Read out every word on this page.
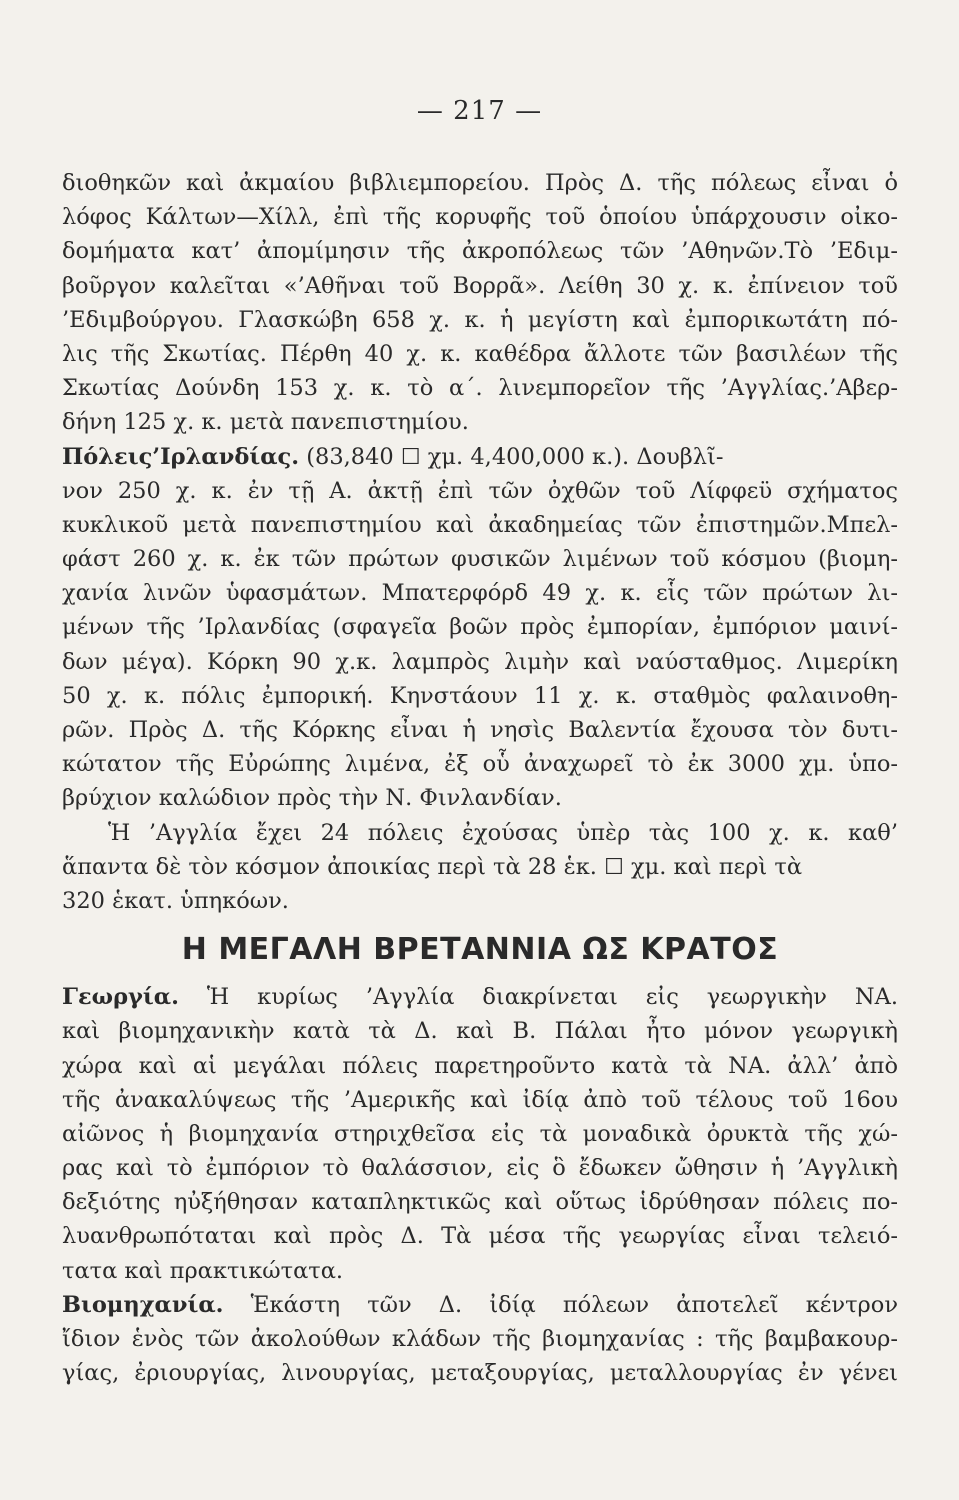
— 217 —
διοθηκῶν καὶ ἀκμαίου βιβλιεμπορείου. Πρὸς Δ. τῆς πόλεως εἶναι ὁ
λόφος Κάλτων—Χίλλ, ἐπὶ τῆς κορυφῆς τοῦ ὁποίου ὑπάρχουσιν οἰκο-
δομήματα κατ’ ἀπομίμησιν τῆς ἀκροπόλεως τῶν ’Αθηνῶν.Τὸ ’Εδιμ-
βοῦργον καλεῖται «’Αθῆναι τοῦ Βορρᾶ». Λείθη 30 χ. κ. ἐπίνειον τοῦ
’Εδιμβούργου. Γλασκώβη 658 χ. κ. ἡ μεγίστη καὶ ἐμπορικωτάτη πό-
λις τῆς Σκωτίας. Πέρθη 40 χ. κ. καθέδρα ἄλλοτε τῶν βασιλέων τῆς
Σκωτίας Δούνδη 153 χ. κ. τὸ α΄. λινεμπορεῖον τῆς ’Αγγλίας.’Αβερ-
δήνη 125 χ. κ. μετὰ πανεπιστημίου.
Πόλεις’Ιρλανδίας. (83,840 ☐ χμ. 4,400,000 κ.). Δουβλῖ-
νον 250 χ. κ. ἐν τῇ Α. ἀκτῇ ἐπὶ τῶν ὀχθῶν τοῦ Λίφφεϋ σχήματος
κυκλικοῦ μετὰ πανεπιστημίου καὶ ἀκαδημείας τῶν ἐπιστημῶν.Μπελ-
φάστ 260 χ. κ. ἐκ τῶν πρώτων φυσικῶν λιμένων τοῦ κόσμου (βιομη-
χανία λινῶν ὑφασμάτων. Μπατερφόρδ 49 χ. κ. εἷς τῶν πρώτων λι-
μένων τῆς ’Ιρλανδίας (σφαγεῖα βοῶν πρὸς ἐμπορίαν, ἐμπόριον μαινί-
δων μέγα). Κόρκη 90 χ.κ. λαμπρὸς λιμὴν καὶ ναύσταθμος. Λιμερίκη
50 χ. κ. πόλις ἐμπορική. Κηνστάουν 11 χ. κ. σταθμὸς φαλαινοθη-
ρῶν. Πρὸς Δ. τῆς Κόρκης εἶναι ἡ νησὶς Βαλεντία ἔχουσα τὸν δυτι-
κώτατον τῆς Εὐρώπης λιμένα, ἐξ οὗ ἀναχωρεῖ τὸ ἐκ 3000 χμ. ὑπο-
βρύχιον καλώδιον πρὸς τὴν Ν. Φινλανδίαν.
Ἡ ’Αγγλία ἔχει 24 πόλεις ἐχούσας ὑπὲρ τὰς 100 χ. κ. καθ’
ἅπαντα δὲ τὸν κόσμον ἀποικίας περὶ τὰ 28 ἑκ. ☐ χμ. καὶ περὶ τὰ
320 ἑκατ. ὑπηκόων.
Η ΜΕΓΑΛΗ ΒΡΕΤΑΝΝΙΑ ΩΣ ΚΡΑΤΟΣ
Γεωργία. Ἡ κυρίως ’Αγγλία διακρίνεται εἰς γεωργικὴν ΝΑ.
καὶ βιομηχανικὴν κατὰ τὰ Δ. καὶ Β. Πάλαι ἦτο μόνον γεωργικὴ
χώρα καὶ αἱ μεγάλαι πόλεις παρετηροῦντο κατὰ τὰ ΝΑ. ἀλλ’ ἀπὸ
τῆς ἀνακαλύψεως τῆς ’Αμερικῆς καὶ ἰδίᾳ ἀπὸ τοῦ τέλους τοῦ 16ου
αἰῶνος ἡ βιομηχανία στηριχθεῖσα εἰς τὰ μοναδικὰ ὀρυκτὰ τῆς χώ-
ρας καὶ τὸ ἐμπόριον τὸ θαλάσσιον, εἰς ὃ ἔδωκεν ὤθησιν ἡ ’Αγγλικὴ
δεξιότης ηὐξήθησαν καταπληκτικῶς καὶ οὕτως ἱδρύθησαν πόλεις πο-
λυανθρωπόταται καὶ πρὸς Δ. Τὰ μέσα τῆς γεωργίας εἶναι τελειό-
τατα καὶ πρακτικώτατα.
Βιομηχανία. Ἑκάστη τῶν Δ. ἰδίᾳ πόλεων ἀποτελεῖ κέντρον
ἴδιον ἑνὸς τῶν ἀκολούθων κλάδων τῆς βιομηχανίας : τῆς βαμβακουρ-
γίας, ἐριουργίας, λινουργίας, μεταξουργίας, μεταλλουργίας ἐν γένει
